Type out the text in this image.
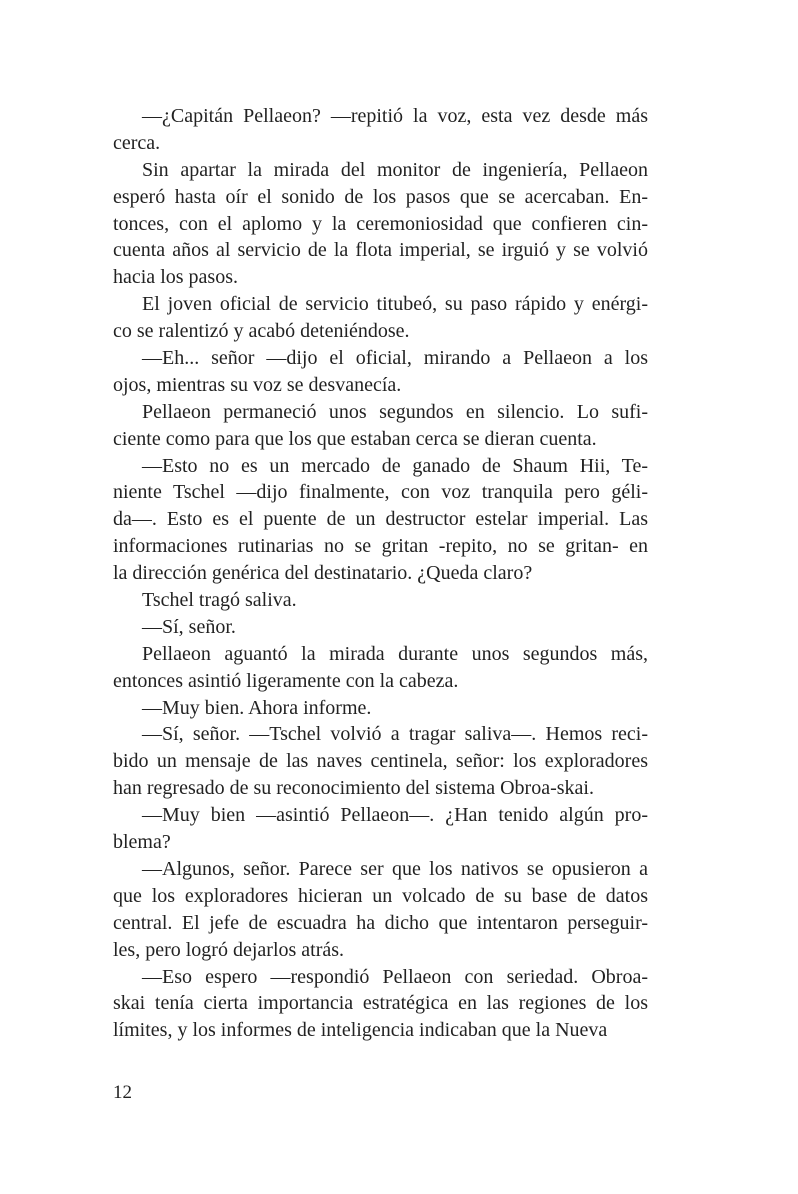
—¿Capitán Pellaeon? —repitió la voz, esta vez desde más
cerca.
Sin apartar la mirada del monitor de ingeniería, Pellaeon
esperó hasta oír el sonido de los pasos que se acercaban. En-
tonces, con el aplomo y la ceremoniosidad que confieren cin-
cuenta años al servicio de la flota imperial, se irguió y se volvió
hacia los pasos.
El joven oficial de servicio titubeó, su paso rápido y enérgi-
co se ralentizó y acabó deteniéndose.
—Eh... señor —dijo el oficial, mirando a Pellaeon a los
ojos, mientras su voz se desvanecía.
Pellaeon permaneció unos segundos en silencio. Lo sufi-
ciente como para que los que estaban cerca se dieran cuenta.
—Esto no es un mercado de ganado de Shaum Hii, Te-
niente Tschel —dijo finalmente, con voz tranquila pero géli-
da—. Esto es el puente de un destructor estelar imperial. Las
informaciones rutinarias no se gritan -repito, no se gritan- en
la dirección genérica del destinatario. ¿Queda claro?
Tschel tragó saliva.
—Sí, señor.
Pellaeon aguantó la mirada durante unos segundos más,
entonces asintió ligeramente con la cabeza.
—Muy bien. Ahora informe.
—Sí, señor. —Tschel volvió a tragar saliva—. Hemos reci-
bido un mensaje de las naves centinela, señor: los exploradores
han regresado de su reconocimiento del sistema Obroa-skai.
—Muy bien —asintió Pellaeon—. ¿Han tenido algún pro-
blema?
—Algunos, señor. Parece ser que los nativos se opusieron a
que los exploradores hicieran un volcado de su base de datos
central. El jefe de escuadra ha dicho que intentaron perseguir-
les, pero logró dejarlos atrás.
—Eso espero —respondió Pellaeon con seriedad. Obroa-
skai tenía cierta importancia estratégica en las regiones de los
límites, y los informes de inteligencia indicaban que la Nueva
12
